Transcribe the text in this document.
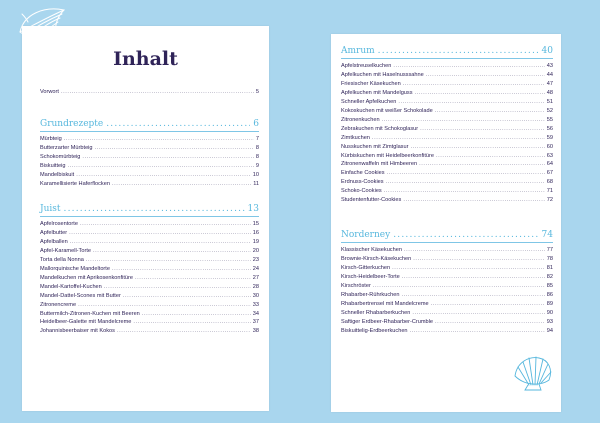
Inhalt
Vorwort .....	5
Grundrezepte .....	6
Mürbteig .....	7
Butterzarter Mürbteig .....	8
Schokomürbteig .....	8
Biskuitteig .....	9
Mandelbiskuit .....	10
Karamellisierte Haferflocken .....	11
Juist .....	13
Apfelrosentorte .....	15
Apfelbutter .....	16
Apfelballen .....	19
Apfel-Karamell-Torte .....	20
Torta della Nonna .....	23
Mallorquinische Mandeltorte .....	24
Mandelkuchen mit Aprikosenkonfitüre .....	27
Mandel-Kartoffel-Kuchen .....	28
Mandel-Dattel-Scones mit Butter .....	30
Zitronencreme .....	33
Buttermilch-Zitronen-Kuchen mit Beeren .....	34
Heidelbeer-Galette mit Mandelcreme .....	37
Johannisbeerbaiser mit Kokos .....	38
Amrum .....	40
Apfelstreuselkuchen .....	43
Apfelkuchen mit Haselnusssahne .....	44
Friesischer Käsekuchen .....	47
Apfelkuchen mit Mandelguss .....	48
Schneller Apfelkuchen .....	51
Kokoskuchen mit weißer Schokolade .....	52
Zitronenkuchen .....	55
Zebrakuchen mit Schokoglasur .....	56
Zimtkuchen .....	59
Nusskuchen mit Zimtglasur .....	60
Kürbiskuchen mit Heidelbeerkonfitüre .....	63
Zitronenwaffeln mit Himbeeren .....	64
Einfache Cookies .....	67
Erdnuss-Cookies .....	68
Schoko-Cookies .....	71
Studentenfutter-Cookies .....	72
Norderney .....	74
Klassischer Käsekuchen .....	77
Brownie-Kirsch-Käsekuchen .....	78
Kirsch-Gitterkuchen .....	81
Kirsch-Heidelbeer-Torte .....	82
Kirschröster .....	85
Rhabarber-Rührkuchen .....	86
Rhabarbertrensel mit Mandelcreme .....	89
Schneller Rhabarberkuchen .....	90
Saftiger Erdbeer-Rhabarber-Crumble .....	93
Biskuittelig-Erdbeerkuchen .....	94
